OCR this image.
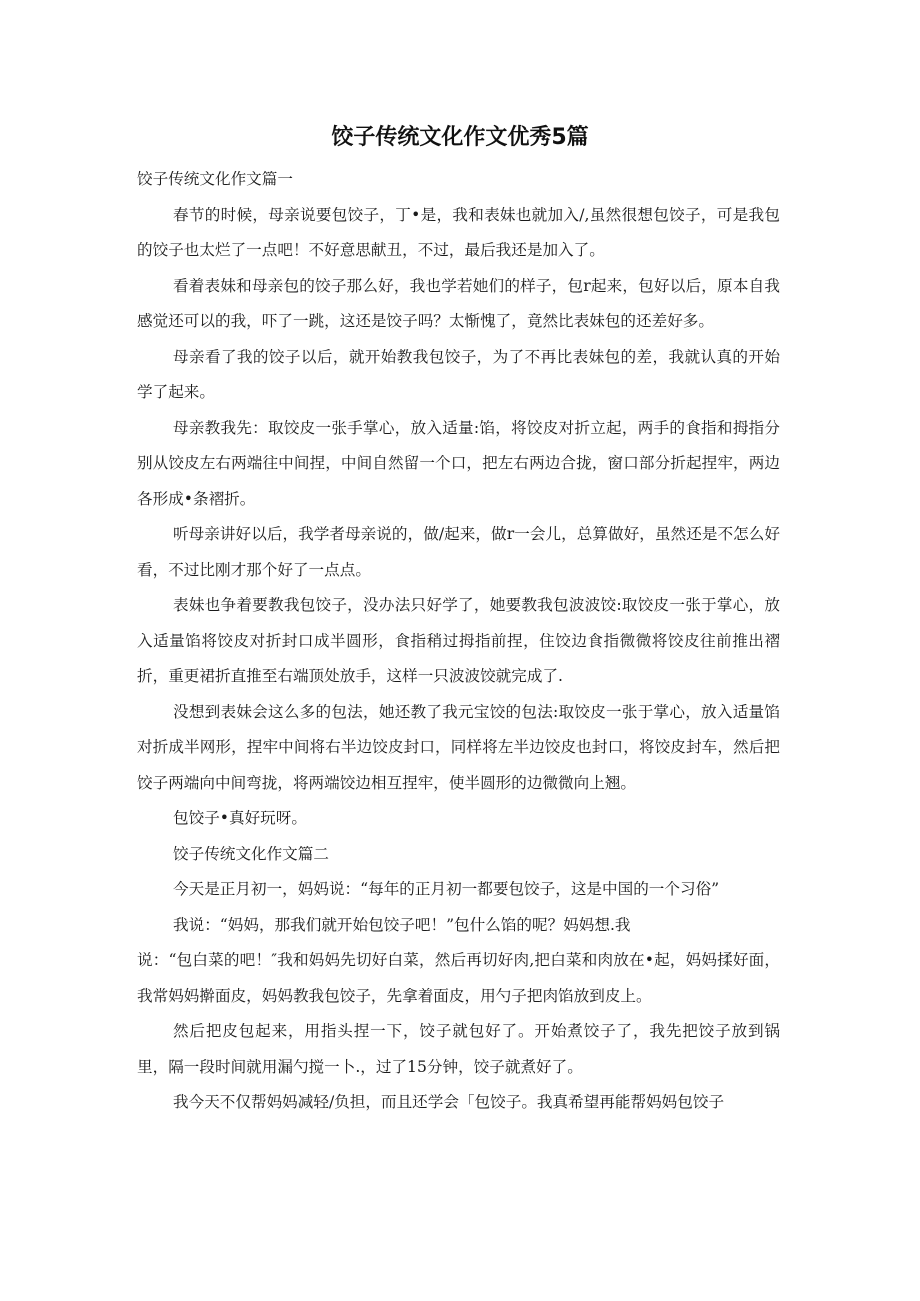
饺子传统文化作文优秀5篇

饺子传统文化作文篇一

春节的时候，母亲说要包饺子，丁•是，我和表妹也就加入/,虽然很想包饺子，可是我包的饺子也太烂了一点吧！不好意思献丑，不过，最后我还是加入了。

看着表妹和母亲包的饺子那么好，我也学若她们的样子，包r起来，包好以后，原本自我感觉还可以的我，吓了一跳，这还是饺子吗？太惭愧了，竟然比表妹包的还差好多。

母亲看了我的饺子以后，就开始教我包饺子，为了不再比表妹包的差，我就认真的开始学了起来。

母亲教我先：取饺皮一张手掌心，放入适量:馅，将饺皮对折立起，两手的食指和拇指分别从饺皮左右两端往中间捏，中间自然留一个口，把左右两边合拢，窗口部分折起捏牢，两边各形成•条褶折。

听母亲讲好以后，我学者母亲说的，做/起来，做r一会儿，总算做好，虽然还是不怎么好看，不过比刚才那个好了一点点。

表妹也争着要教我包饺子，没办法只好学了，她要教我包波波饺:取饺皮一张于掌心，放入适量馅将饺皮对折封口成半圆形，食指稍过拇指前捏，住饺边食指微微将饺皮往前推出褶折，重更裙折直推至右端顶处放手，这样一只波波饺就完成了.

没想到表妹会这么多的包法，她还教了我元宝饺的包法:取饺皮一张于掌心，放入适量馅对折成半网形，捏牢中间将右半边饺皮封口，同样将左半边饺皮也封口，将饺皮封车，然后把饺子两端向中间弯拢，将两端饺边相互捏牢，使半圆形的边微微向上翘。

包饺子•真好玩呀。

饺子传统文化作文篇二

今天是正月初一，妈妈说：“每年的正月初一都要包饺子，这是中国的一个习俗”

我说：“妈妈，那我们就开始包饺子吧！”包什么馅的呢？妈妈想.我

说：“包白菜的吧！″我和妈妈先切好白菜，然后再切好肉,把白菜和肉放在•起，妈妈揉好面，我常妈妈擀面皮，妈妈教我包饺子，先拿着面皮，用勺子把肉馅放到皮上。

然后把皮包起来，用指头捏一下，饺子就包好了。开始煮饺子了，我先把饺子放到锅里，隔一段时间就用漏勺搅一卜.，过了15分钟，饺子就煮好了。

我今天不仅帮妈妈减轻/负担，而且还学会「包饺子。我真希望再能帮妈妈包饺子
